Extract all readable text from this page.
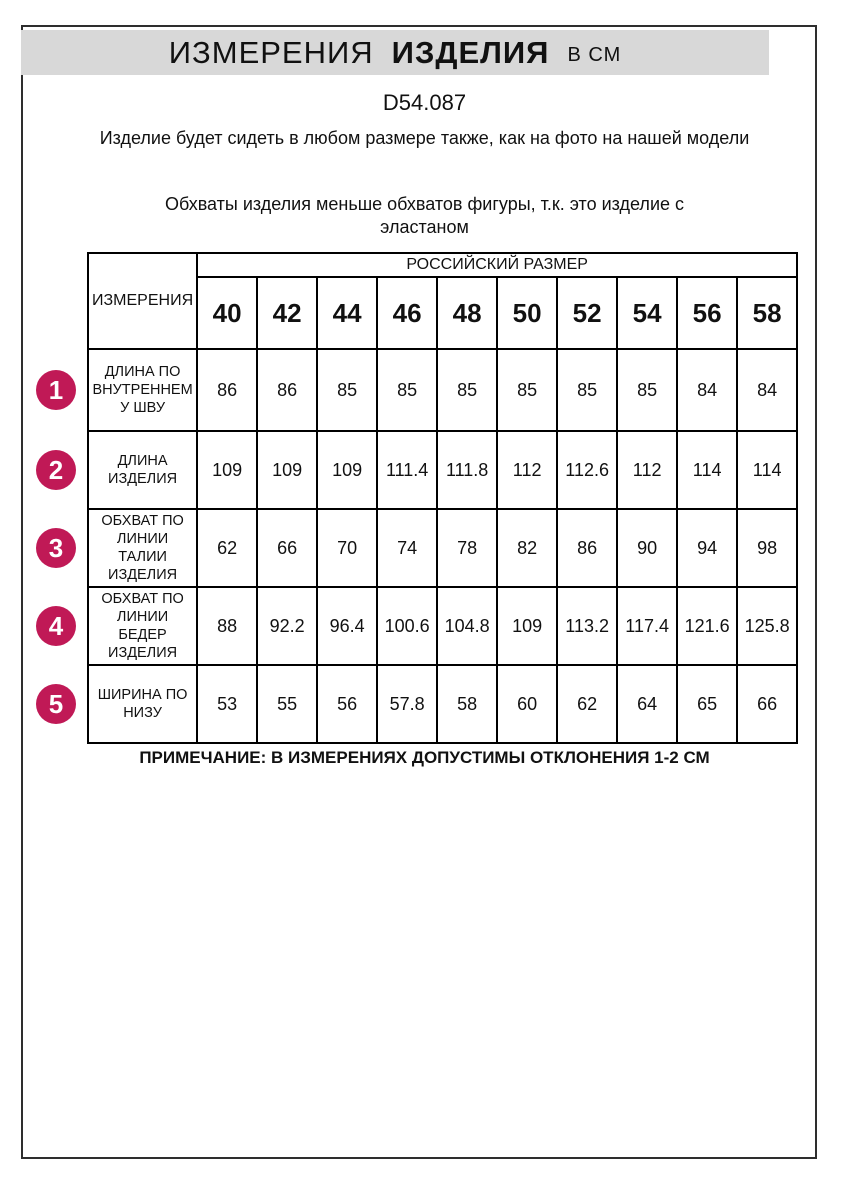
ИЗМЕРЕНИЯ ИЗДЕЛИЯ В СМ
D54.087
Изделие будет сидеть в любом размере также, как на фото на нашей модели
Обхваты изделия меньше обхватов фигуры, т.к. это изделие с эластаном
ИЗМЕРЕНИЯ	РОССИЙСКИЙ РАЗМЕР									
	40	42	44	46	48	50	52	54	56	58

1
ДЛИНА ПО ВНУТРЕННЕМУ ШВУ	86	86	85	85	85	85	85	85	84	84

2 ДЛИНА ИЗДЕЛИЯ	109	109	109	111.4	111.8	112	112.6	112	114	114

3
ОБХВАТ ПО ЛИНИИ ТАЛИИ ИЗДЕЛИЯ	62	66	70	74	78	82	86	90	94	98

4
ОБХВАТ ПО ЛИНИИ БЕДЕР ИЗДЕЛИЯ	88	92.2	96.4	100.6	104.8	109	113.2	117.4	121.6	125.8

5 ШИРИНА ПО НИЗУ	53	55	56	57.8	58	60	62	64	65	66
ПРИМЕЧАНИЕ: В ИЗМЕРЕНИЯХ ДОПУСТИМЫ ОТКЛОНЕНИЯ 1-2 СМ
